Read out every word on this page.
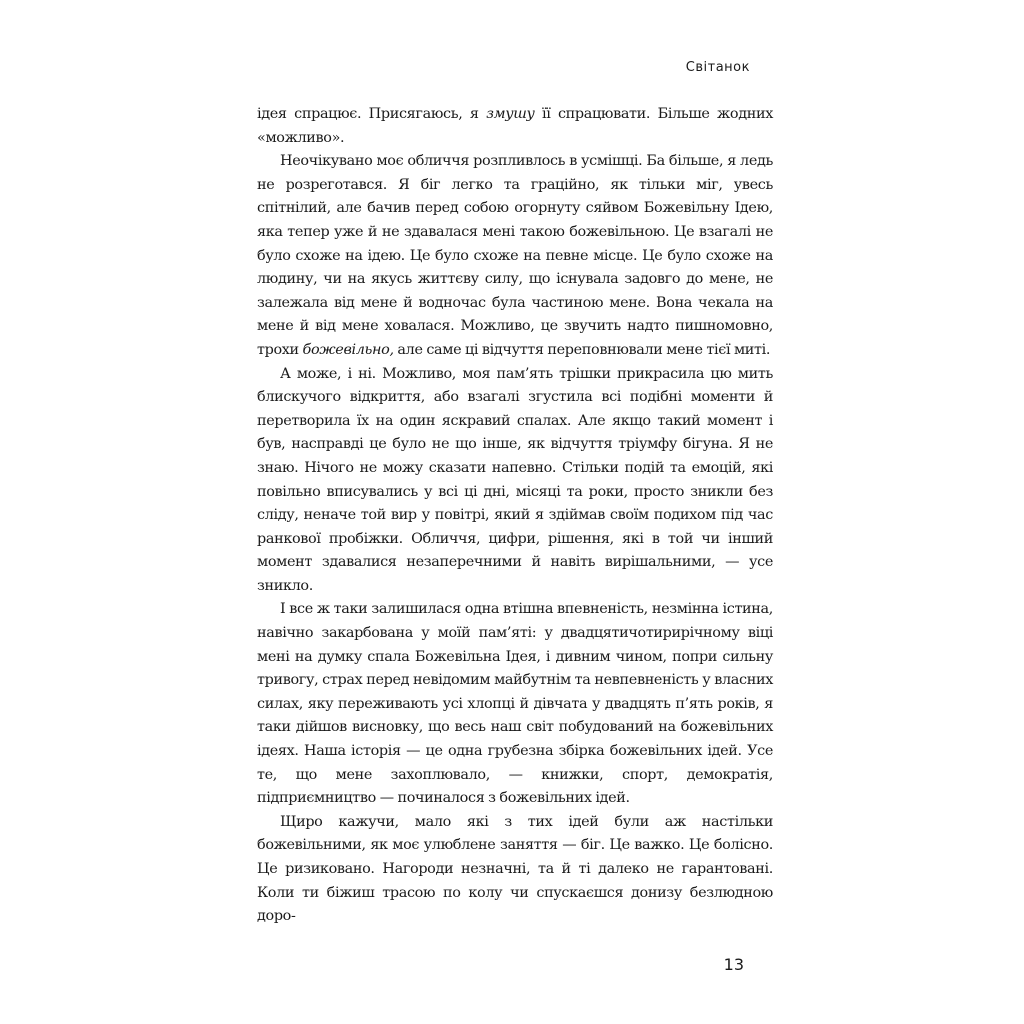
Світанок

ідея спрацює. Присягаюсь, я змушу її спрацювати. Більше жодних «можливо».

Неочікувано моє обличчя розпливлось в усмішці. Ба більше, я ледь не розреготався. Я біг легко та граційно, як тільки міг, увесь спітнілий, але бачив перед собою огорнуту сяйвом Божевільну Ідею, яка тепер уже й не здавалася мені такою божевільною. Це взагалі не було схоже на ідею. Це було схоже на певне місце. Це було схоже на людину, чи на якусь життєву силу, що існувала задовго до мене, не залежала від мене й водночас була частиною мене. Вона чекала на мене й від мене ховалася. Можливо, це звучить надто пишномовно, трохи божевільно, але саме ці відчуття переповнювали мене тієї миті.

А може, і ні. Можливо, моя пам’ять трішки прикрасила цю мить блискучого відкриття, або взагалі згустила всі подібні моменти й перетворила їх на один яскравий спалах. Але якщо такий момент і був, насправді це було не що інше, як відчуття тріумфу бігуна. Я не знаю. Нічого не можу сказати напевно. Стільки подій та емоцій, які повільно вписувались у всі ці дні, місяці та роки, просто зникли без сліду, неначе той вир у повітрі, який я здіймав своїм подихом під час ранкової пробіжки. Обличчя, цифри, рішення, які в той чи інший момент здавалися незаперечними й навіть вирішальними, — усе зникло.

І все ж таки залишилася одна втішна впевненість, незмінна істина, навічно закарбована у моїй пам’яті: у двадцятичотирирічному віці мені на думку спала Божевільна Ідея, і дивним чином, попри сильну тривогу, страх перед невідомим майбутнім та невпевненість у власних силах, яку переживають усі хлопці й дівчата у двадцять п’ять років, я таки дійшов висновку, що весь наш світ побудований на божевільних ідеях. Наша історія — це одна грубезна збірка божевільних ідей. Усе те, що мене захоплювало, — книжки, спорт, демократія, підприємництво — починалося з божевільних ідей.

Щиро кажучи, мало які з тих ідей були аж настільки божевільними, як моє улюблене заняття — біг. Це важко. Це болісно. Це ризиковано. Нагороди незначні, та й ті далеко не гарантовані. Коли ти біжиш трасою по колу чи спускаєшся донизу безлюдною доро-

13
